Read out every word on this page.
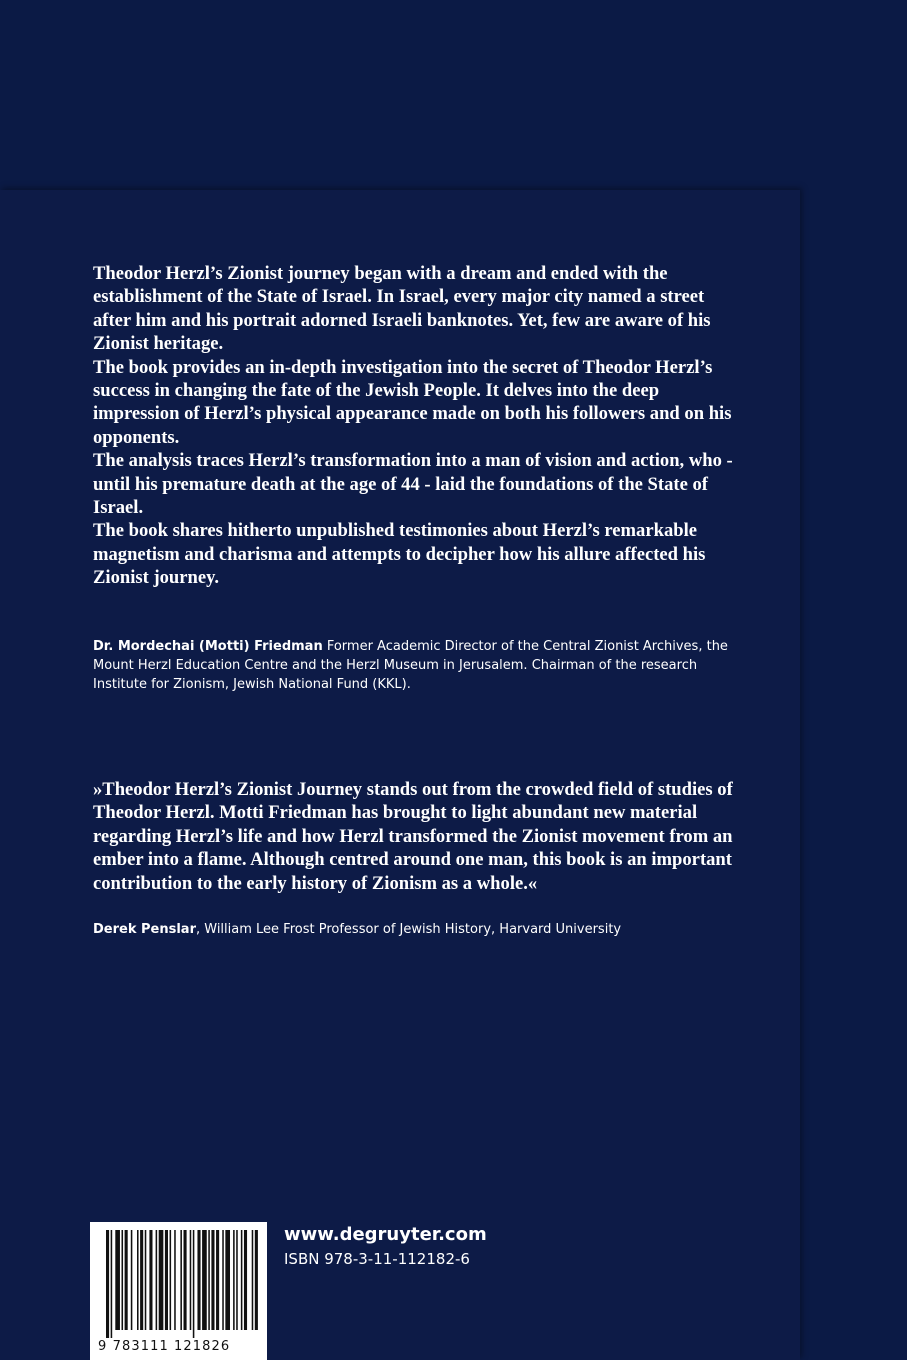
Theodor Herzl’s Zionist journey began with a dream and ended with the establishment of the State of Israel. In Israel, every major city named a street after him and his portrait adorned Israeli banknotes. Yet, few are aware of his Zionist heritage.

The book provides an in-depth investigation into the secret of Theodor Herzl’s success in changing the fate of the Jewish People. It delves into the deep impression of Herzl’s physical appearance made on both his followers and on his opponents.

The analysis traces Herzl’s transformation into a man of vision and action, who - until his premature death at the age of 44 - laid the foundations of the State of Israel.

The book shares hitherto unpublished testimonies about Herzl’s remarkable magnetism and charisma and attempts to decipher how his allure affected his Zionist journey.

Dr. Mordechai (Motti) Friedman Former Academic Director of the Central Zionist Archives, the Mount Herzl Education Centre and the Herzl Museum in Jerusalem. Chairman of the research Institute for Zionism, Jewish National Fund (KKL).
»Theodor Herzl’s Zionist Journey stands out from the crowded field of studies of Theodor Herzl. Motti Friedman has brought to light abundant new material regarding Herzl’s life and how Herzl transformed the Zionist movement from an ember into a flame. Although centred around one man, this book is an important contribution to the early history of Zionism as a whole.«
Derek Penslar, William Lee Frost Professor of Jewish History, Harvard University
9 783111 121826
www.degruyter.com
ISBN 978-3-11-112182-6
